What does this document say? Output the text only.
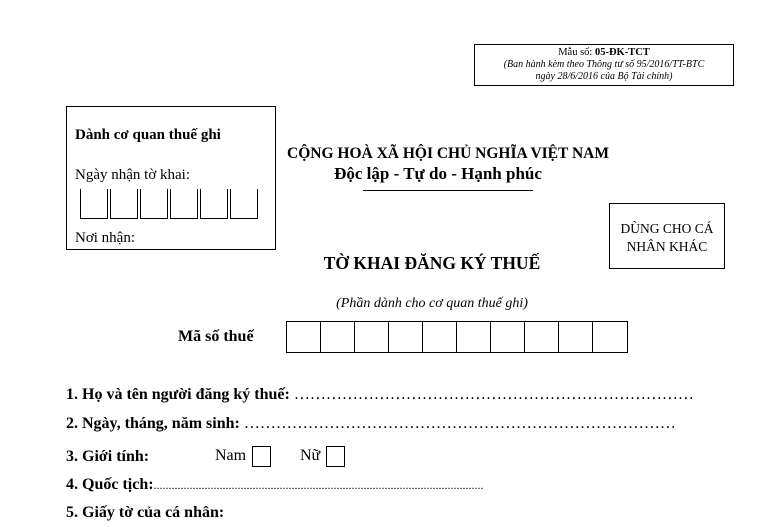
Mẫu số: 05-ĐK-TCT
(Ban hành kèm theo Thông tư số 95/2016/TT-BTC
ngày 28/6/2016 của Bộ Tài chính)
Dành cơ quan thuế ghi
Ngày nhận tờ khai:
Nơi nhận:
CỘNG HOÀ XÃ HỘI CHỦ NGHĨA VIỆT NAM
Độc lập - Tự do - Hạnh phúc
DÙNG CHO CÁ
NHÂN KHÁC
TỜ KHAI ĐĂNG KÝ THUẾ
(Phần dành cho cơ quan thuế ghi)
Mã số thuế
1. Họ và tên người đăng ký thuế: …………………………………………………………………
2. Ngày, tháng, năm sinh: ………………………………………………………………………
3. Giới tính:	Nam	Nữ
4. Quốc tịch:..............................................................................................................
5. Giấy tờ của cá nhân:
